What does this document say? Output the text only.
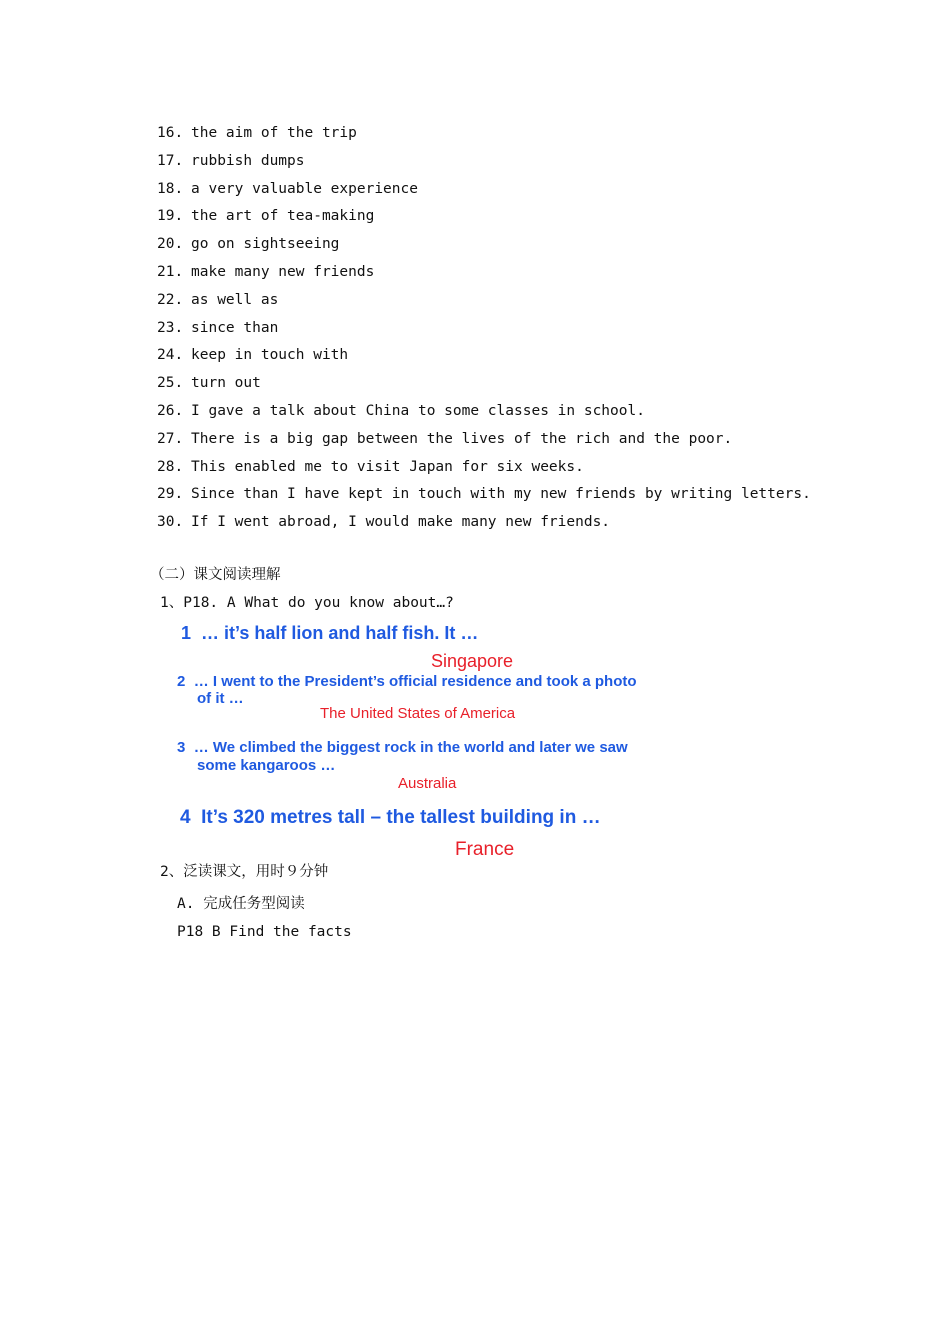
16. the aim of the trip
17. rubbish dumps
18. a very valuable experience
19. the art of tea-making
20. go on sightseeing
21. make many new friends
22. as well as
23. since than
24. keep in touch with
25. turn out
26. I gave a talk about China to some classes in school.
27. There is a big gap between the lives of the rich and the poor.
28. This enabled me to visit Japan for six weeks.
29. Since than I have kept in touch with my new friends by writing letters.
30. If I went abroad, I would make many new friends.
（二）课文阅读理解
1、P18. A What do you know about…?
1 … it’s half lion and half fish. It …
Singapore
2 … I went to the President’s official residence and took a photo
of it …
The United States of America
3 … We climbed the biggest rock in the world and later we saw
some kangaroos …
Australia
4 It’s 320 metres tall – the tallest building in …
France
2、泛读课文，用时９分钟
A. 完成任务型阅读
P18 B Find the facts
